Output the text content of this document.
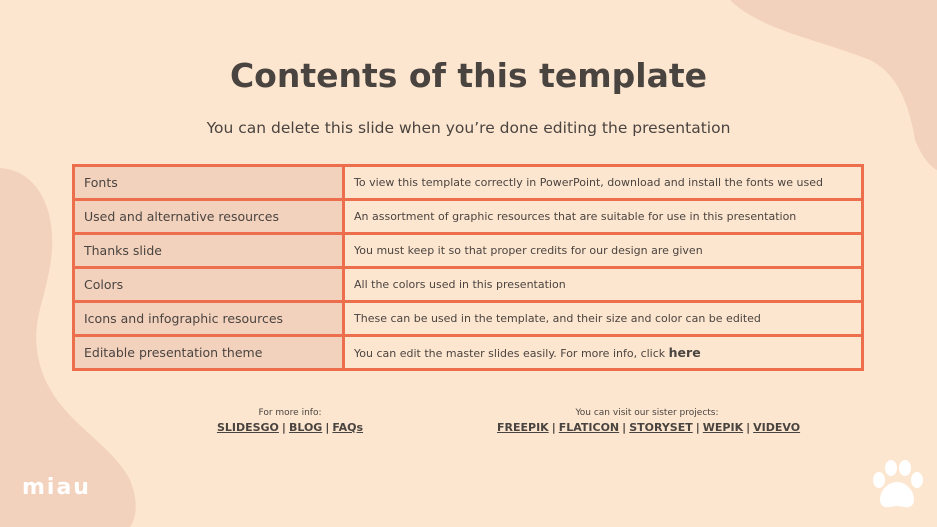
Contents of this template

You can delete this slide when you’re done editing the presentation

Fonts	To view this template correctly in PowerPoint, download and install the fonts we used
Used and alternative resources	An assortment of graphic resources that are suitable for use in this presentation
Thanks slide	You must keep it so that proper credits for our design are given
Colors	All the colors used in this presentation
Icons and infographic resources	These can be used in the template, and their size and color can be edited
Editable presentation theme	You can edit the master slides easily. For more info, click here
For more info:
SLIDESGO | BLOG | FAQs
You can visit our sister projects:
FREEPIK | FLATICON | STORYSET | WEPIK | VIDEVO
miau
